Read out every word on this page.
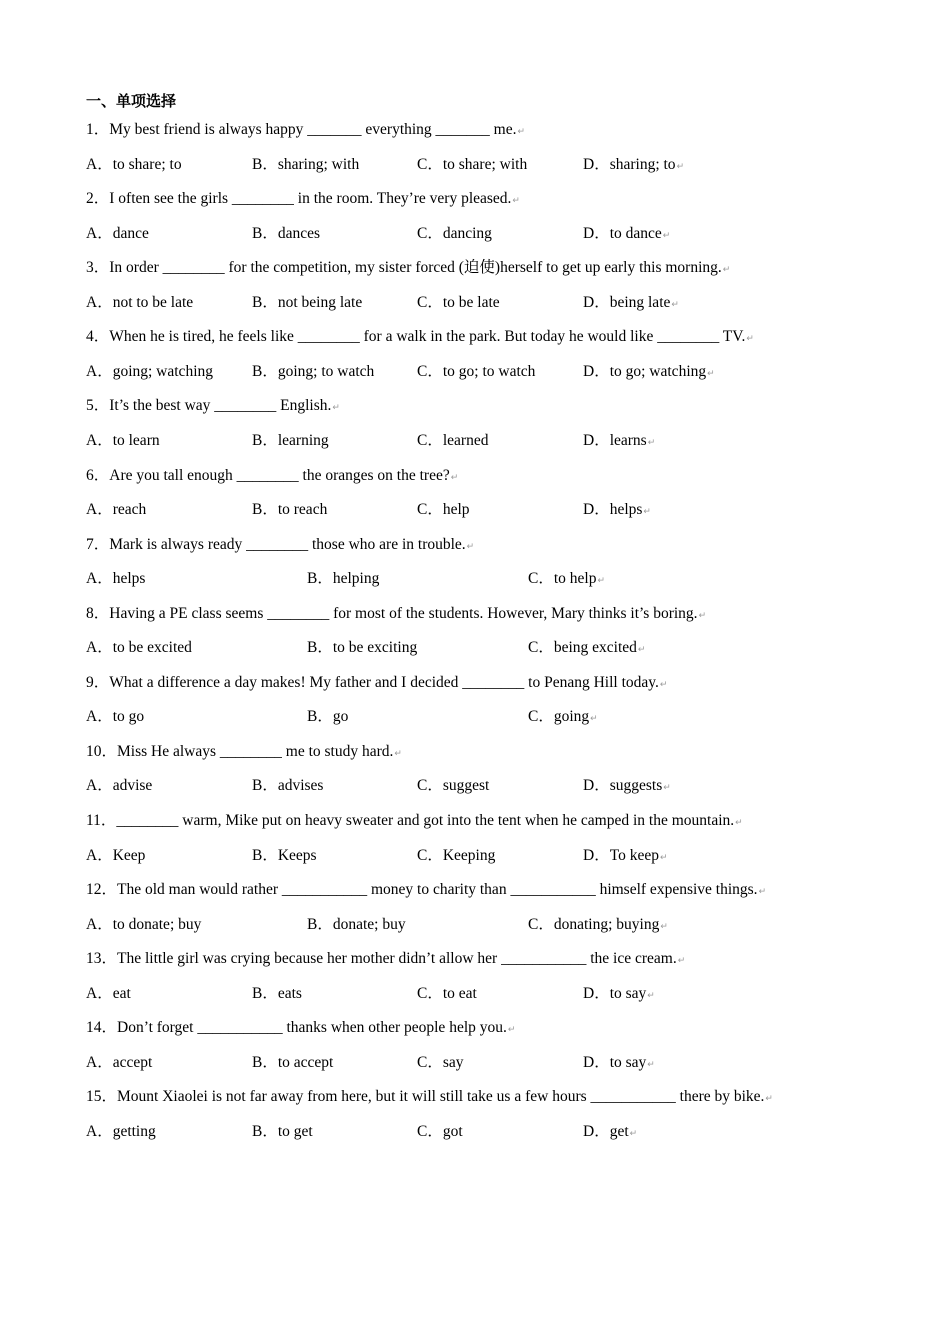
一、单项选择
1．My best friend is always happy _______ everything _______ me.↵
A．to share; to	B．sharing; with	C．to share; with	D．sharing; to↵
2．I often see the girls ________ in the room. They’re very pleased.↵
A．dance	B．dances	C．dancing	D．to dance↵
3．In order ________ for the competition, my sister forced (迫使)herself to get up early this morning.↵
A．not to be late	B．not being late	C．to be late	D．being late↵
4．When he is tired, he feels like ________ for a walk in the park. But today he would like ________ TV.↵
A．going; watching	B．going; to watch	C．to go; to watch	D．to go; watching↵
5．It’s the best way ________ English.↵
A．to learn	B．learning	C．learned	D．learns↵
6．Are you tall enough ________ the oranges on the tree?↵
A．reach	B．to reach	C．help	D．helps↵
7．Mark is always ready ________ those who are in trouble.↵
A．helps	B．helping	C．to help↵
8．Having a PE class seems ________ for most of the students. However, Mary thinks it’s boring.↵
A．to be excited	B．to be exciting	C．being excited↵
9．What a difference a day makes! My father and I decided ________ to Penang Hill today.↵
A．to go	B．go	C．going↵
10．Miss He always ________ me to study hard.↵
A．advise	B．advises	C．suggest	D．suggests↵
11．________ warm, Mike put on heavy sweater and got into the tent when he camped in the mountain.↵
A．Keep	B．Keeps	C．Keeping	D．To keep↵
12．The old man would rather ___________ money to charity than ___________ himself expensive things.↵
A．to donate; buy	B．donate; buy	C．donating; buying↵
13．The little girl was crying because her mother didn’t allow her ___________ the ice cream.↵
A．eat	B．eats	C．to eat	D．to say↵
14．Don’t forget ___________ thanks when other people help you.↵
A．accept	B．to accept	C．say	D．to say↵
15．Mount Xiaolei is not far away from here, but it will still take us a few hours ___________ there by bike.↵
A．getting	B．to get	C．got	D．get↵
